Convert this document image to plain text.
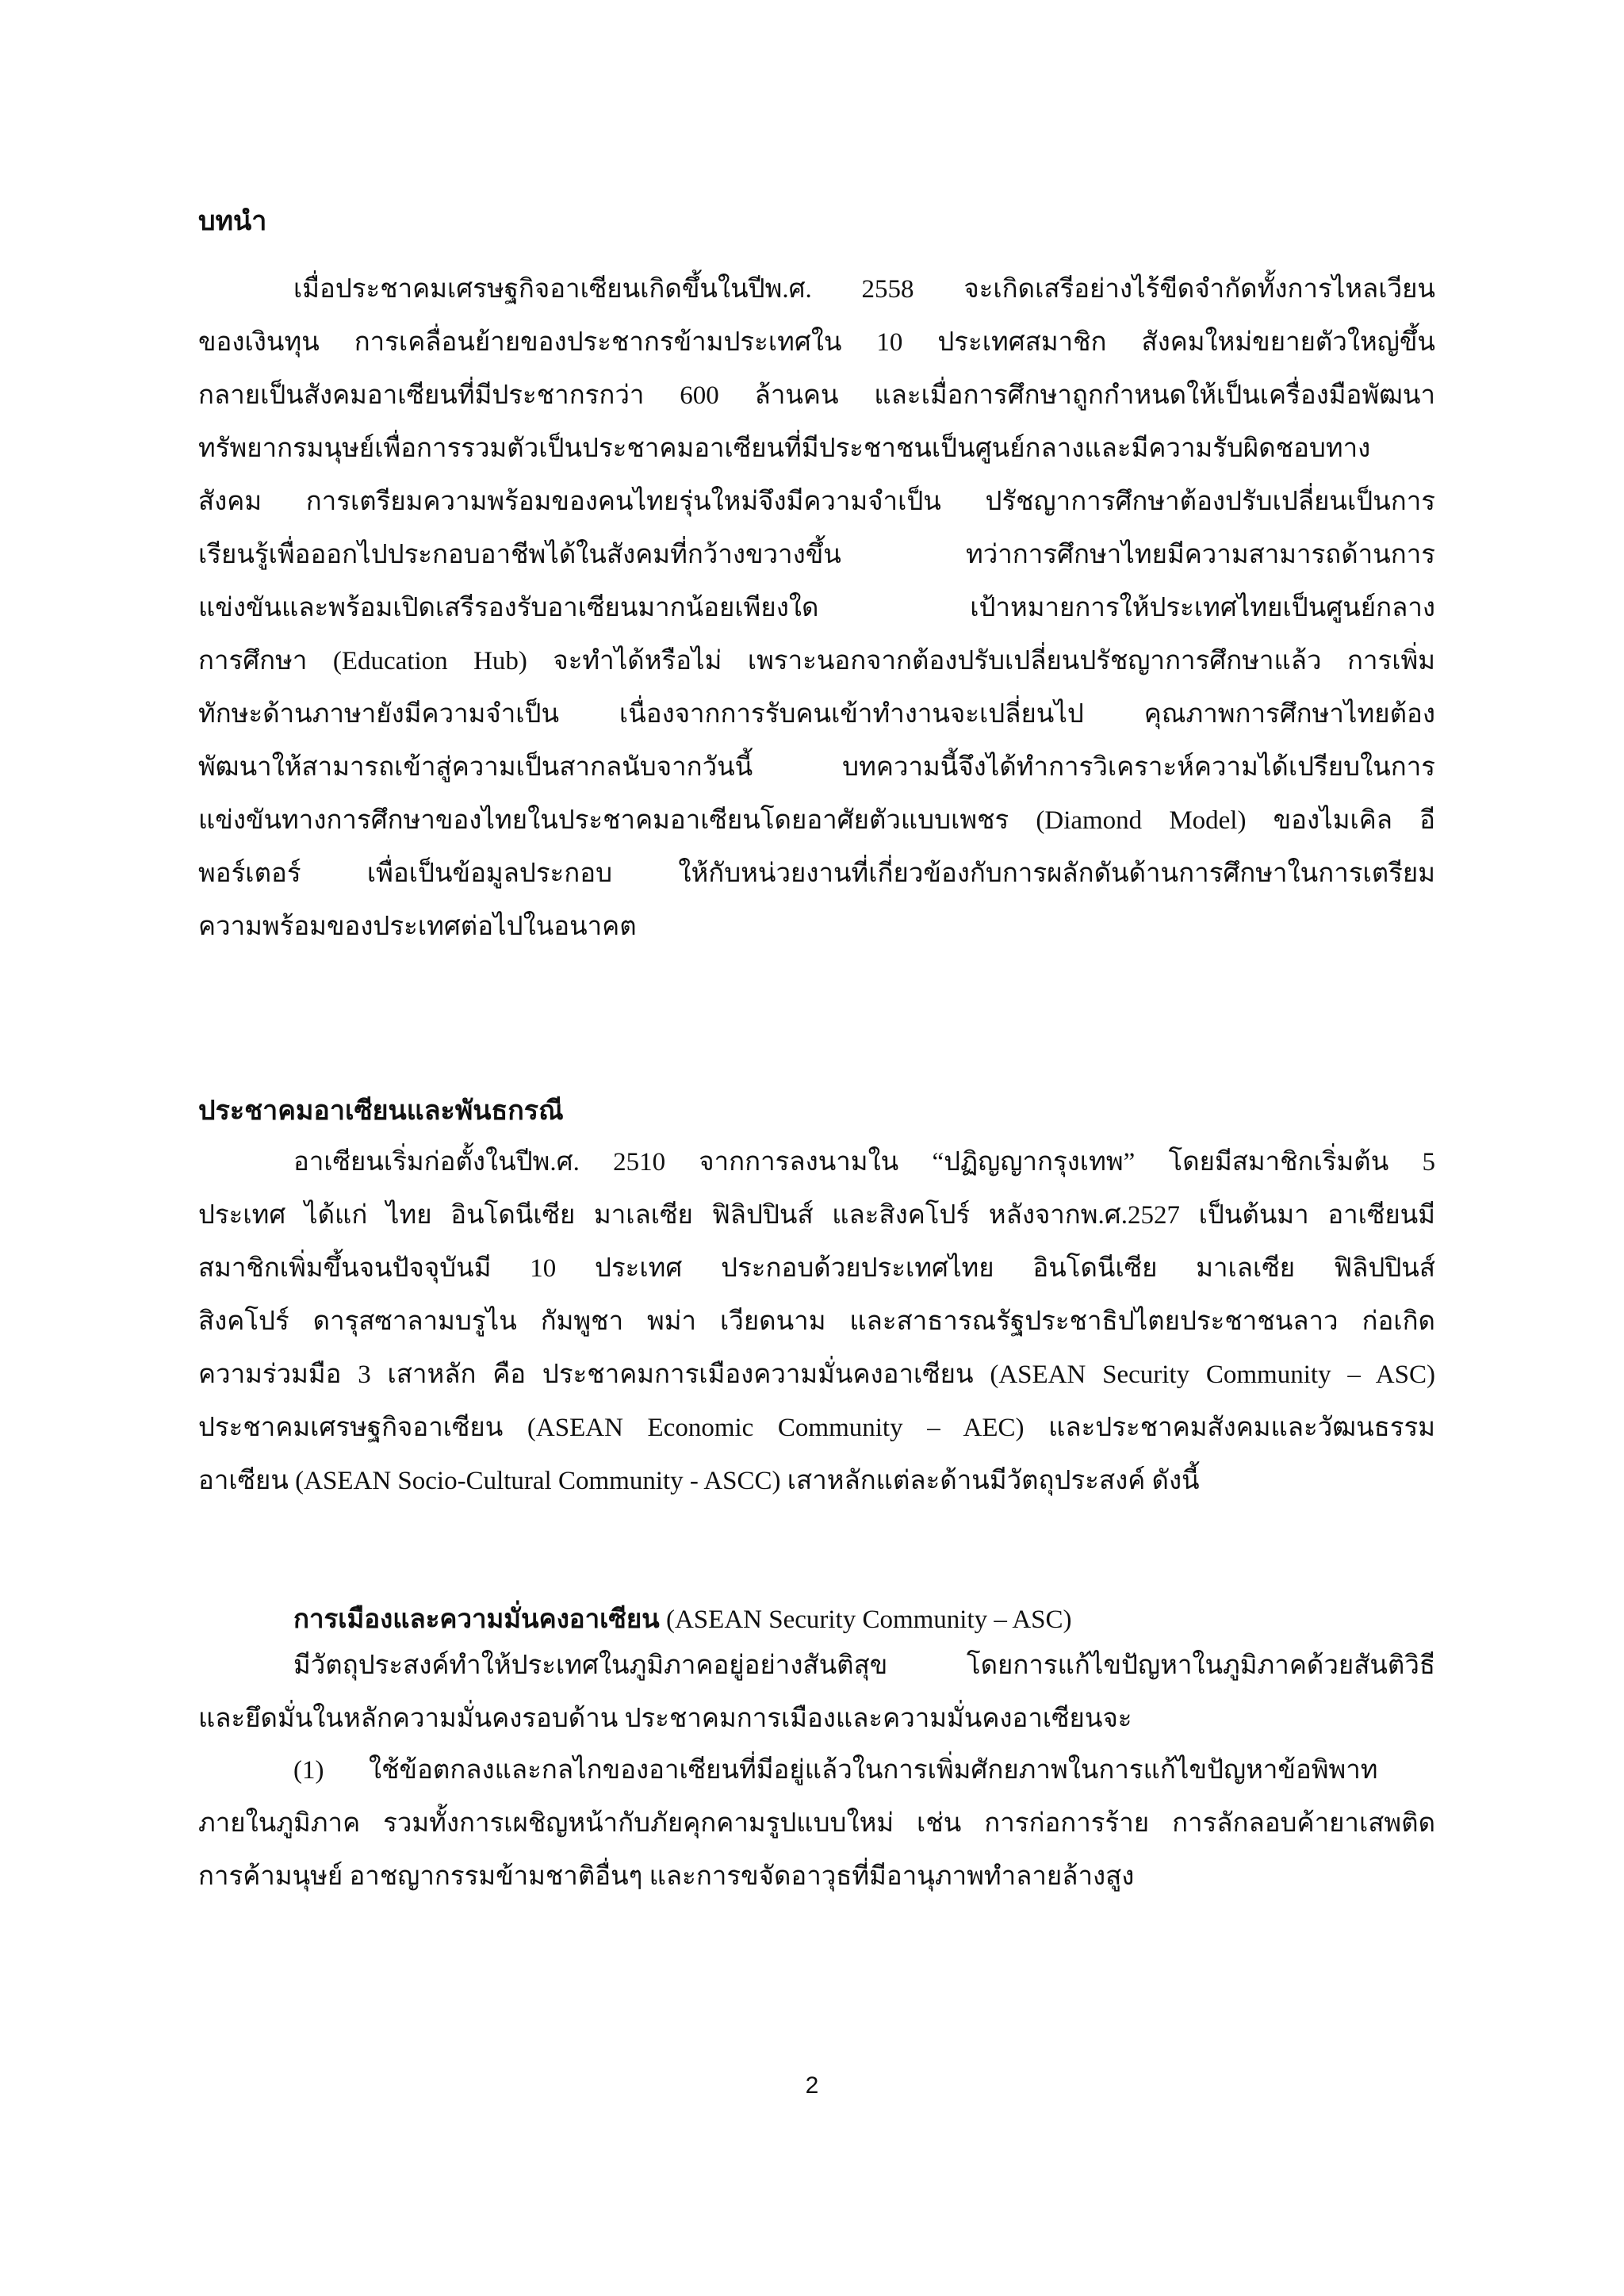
บทนำ
เมื่อประชาคมเศรษฐกิจอาเซียนเกิดขึ้นในปีพ.ศ. 2558 จะเกิดเสรีอย่างไร้ขีดจำกัดทั้งการไหลเวียน
ของเงินทุน การเคลื่อนย้ายของประชากรข้ามประเทศใน 10 ประเทศสมาชิก สังคมใหม่ขยายตัวใหญ่ขึ้น
กลายเป็นสังคมอาเซียนที่มีประชากรกว่า 600 ล้านคน และเมื่อการศึกษาถูกกำหนดให้เป็นเครื่องมือพัฒนา
ทรัพยากรมนุษย์เพื่อการรวมตัวเป็นประชาคมอาเซียนที่มีประชาชนเป็นศูนย์กลางและมีความรับผิดชอบทาง
สังคม การเตรียมความพร้อมของคนไทยรุ่นใหม่จึงมีความจำเป็น ปรัชญาการศึกษาต้องปรับเปลี่ยนเป็นการ
เรียนรู้เพื่อออกไปประกอบอาชีพได้ในสังคมที่กว้างขวางขึ้น ทว่าการศึกษาไทยมีความสามารถด้านการ
แข่งขันและพร้อมเปิดเสรีรองรับอาเซียนมากน้อยเพียงใด เป้าหมายการให้ประเทศไทยเป็นศูนย์กลาง
การศึกษา (Education Hub) จะทำได้หรือไม่ เพราะนอกจากต้องปรับเปลี่ยนปรัชญาการศึกษาแล้ว การเพิ่ม
ทักษะด้านภาษายังมีความจำเป็น เนื่องจากการรับคนเข้าทำงานจะเปลี่ยนไป คุณภาพการศึกษาไทยต้อง
พัฒนาให้สามารถเข้าสู่ความเป็นสากลนับจากวันนี้ บทความนี้จึงได้ทำการวิเคราะห์ความได้เปรียบในการ
แข่งขันทางการศึกษาของไทยในประชาคมอาเซียนโดยอาศัยตัวแบบเพชร (Diamond Model) ของไมเคิล อี
พอร์เตอร์ เพื่อเป็นข้อมูลประกอบ ให้กับหน่วยงานที่เกี่ยวข้องกับการผลักดันด้านการศึกษาในการเตรียม
ความพร้อมของประเทศต่อไปในอนาคต
ประชาคมอาเซียนและพันธกรณี
อาเซียนเริ่มก่อตั้งในปีพ.ศ. 2510 จากการลงนามใน “ปฏิญญากรุงเทพ” โดยมีสมาชิกเริ่มต้น 5
ประเทศ ได้แก่ ไทย อินโดนีเซีย มาเลเซีย ฟิลิปปินส์ และสิงคโปร์ หลังจากพ.ศ.2527 เป็นต้นมา อาเซียนมี
สมาชิกเพิ่มขึ้นจนปัจจุบันมี 10 ประเทศ ประกอบด้วยประเทศไทย อินโดนีเซีย มาเลเซีย ฟิลิปปินส์
สิงคโปร์ ดารุสซาลามบรูไน กัมพูชา พม่า เวียดนาม และสาธารณรัฐประชาธิปไตยประชาชนลาว ก่อเกิด
ความร่วมมือ 3 เสาหลัก คือ ประชาคมการเมืองความมั่นคงอาเซียน (ASEAN Security Community – ASC)
ประชาคมเศรษฐกิจอาเซียน (ASEAN Economic Community – AEC) และประชาคมสังคมและวัฒนธรรม
อาเซียน (ASEAN Socio-Cultural Community - ASCC) เสาหลักแต่ละด้านมีวัตถุประสงค์ ดังนี้
การเมืองและความมั่นคงอาเซียน (ASEAN Security Community – ASC)
มีวัตถุประสงค์ทำให้ประเทศในภูมิภาคอยู่อย่างสันติสุข โดยการแก้ไขปัญหาในภูมิภาคด้วยสันติวิธี
และยึดมั่นในหลักความมั่นคงรอบด้าน ประชาคมการเมืองและความมั่นคงอาเซียนจะ
(1) ใช้ข้อตกลงและกลไกของอาเซียนที่มีอยู่แล้วในการเพิ่มศักยภาพในการแก้ไขปัญหาข้อพิพาท
ภายในภูมิภาค รวมทั้งการเผชิญหน้ากับภัยคุกคามรูปแบบใหม่ เช่น การก่อการร้าย การลักลอบค้ายาเสพติด
การค้ามนุษย์ อาชญากรรมข้ามชาติอื่นๆ และการขจัดอาวุธที่มีอานุภาพทำลายล้างสูง
2
